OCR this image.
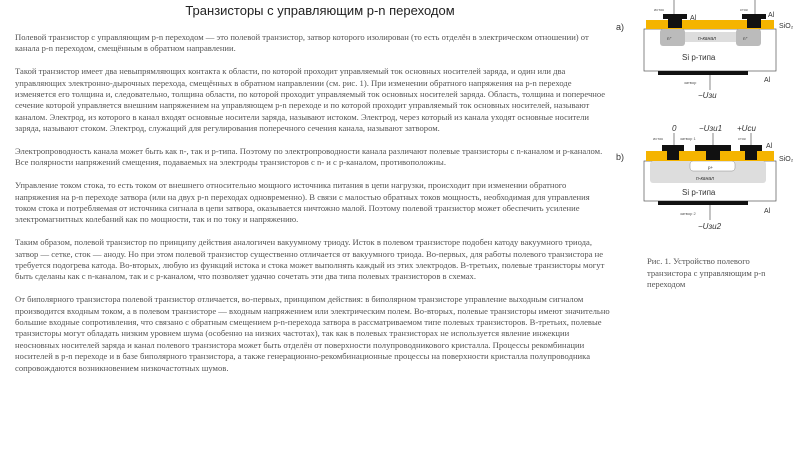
Транзисторы с управляющим p-n переходом

Полевой транзистор с управляющим p-n переходом — это полевой транзистор, затвор которого изолирован (то есть отделён в электрическом отношении) от канала p-n переходом, смещённым в обратном направлении.

Такой транзистор имеет два невыпрямляющих контакта к области, по которой проходит управляемый ток основных носителей заряда, и один или два управляющих электронно-дырочных перехода, смещённых в обратном направлении (см. рис. 1). При изменении обратного напряжения на p-n переходе изменяется его толщина и, следовательно, толщина области, по которой проходит управляемый ток основных носителей заряда. Область, толщина и поперечное сечение которой управляется внешним напряжением на управляющем p-n переходе и по которой проходит управляемый ток основных носителей, называют каналом. Электрод, из которого в канал входят основные носители заряда, называют истоком. Электрод, через который из канала уходят основные носители заряда, называют стоком. Электрод, служащий для регулирования поперечного сечения канала, называют затвором.

Электропроводность канала может быть как n-, так и p-типа. Поэтому по электропроводности канала различают полевые транзисторы с n-каналом и p-каналом. Все полярности напряжений смещения, подаваемых на электроды транзисторов с n- и с p-каналом, противоположны.

Управление током стока, то есть током от внешнего относительно мощного источника питания в цепи нагрузки, происходит при изменении обратного напряжения на p-n переходе затвора (или на двух p-n переходах одновременно). В связи с малостью обратных токов мощность, необходимая для управления током стока и потребляемая от источника сигнала в цепи затвора, оказывается ничтожно малой. Поэтому полевой транзистор может обеспечить усиление электромагнитных колебаний как по мощности, так и по току и напряжению.

Таким образом, полевой транзистор по принципу действия аналогичен вакуумному триоду. Исток в полевом транзисторе подобен катоду вакуумного триода, затвор — сетке, сток — аноду. Но при этом полевой транзистор существенно отличается от вакуумного триода. Во-первых, для работы полевого транзистора не требуется подогрева катода. Во-вторых, любую из функций истока и стока может выполнять каждый из этих электродов. В-третьих, полевые транзисторы могут быть сделаны как с n-каналом, так и с p-каналом, что позволяет удачно сочетать эти два типа полевых транзисторов в схемах.

От биполярного транзистора полевой транзистор отличается, во-первых, принципом действия: в биполярном транзисторе управление выходным сигналом производится входным током, а в полевом транзисторе — входным напряжением или электрическим полем. Во-вторых, полевые транзисторы имеют значительно большие входные сопротивления, что связано с обратным смещением p-n-перехода затвора в рассматриваемом типе полевых транзисторов. В-третьих, полевые транзисторы могут обладать низким уровнем шума (особенно на низких частотах), так как в полевых транзисторах не используется явление инжекции неосновных носителей заряда и канал полевого транзистора может быть отделён от поверхности полупроводникового кристалла. Процессы рекомбинации носителей в p-n переходе и в базе биполярного транзистора, а также генерационно-рекомбинационные процессы на поверхности кристалла полупроводника сопровождаются возникновением низкочастотных шумов.

a)
исток	сток
n⁺	n⁺
n-канал
Al	Al
SiO₂
Si p-типа
Al
затвор
−Uзи
b)
0	−Uзи1 +Uси
исток	затвор 1	сток
p+
n-канал
Al
SiO₂
Si p-типа
Al
затвор 2
−Uзи2
Рис. 1. Устройство полевого транзистора с управляющим p-n переходом
